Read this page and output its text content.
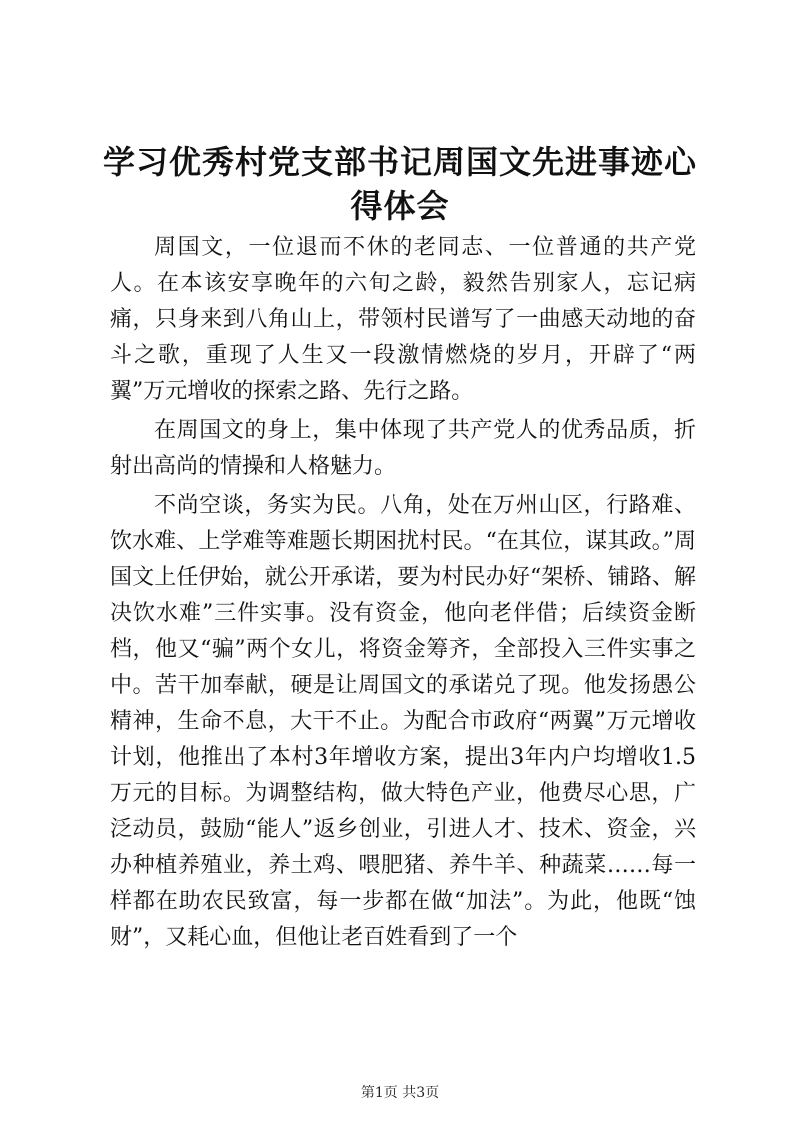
学习优秀村党支部书记周国文先进事迹心得体会

周国文，一位退而不休的老同志、一位普通的共产党人。在本该安享晚年的六旬之龄，毅然告别家人，忘记病痛，只身来到八角山上，带领村民谱写了一曲感天动地的奋斗之歌，重现了人生又一段激情燃烧的岁月，开辟了“两翼”万元增收的探索之路、先行之路。

在周国文的身上，集中体现了共产党人的优秀品质，折射出高尚的情操和人格魅力。

不尚空谈，务实为民。八角，处在万州山区，行路难、饮水难、上学难等难题长期困扰村民。“在其位，谋其政。”周国文上任伊始，就公开承诺，要为村民办好“架桥、铺路、解决饮水难”三件实事。没有资金，他向老伴借；后续资金断档，他又“骗”两个女儿，将资金筹齐，全部投入三件实事之中。苦干加奉献，硬是让周国文的承诺兑了现。他发扬愚公精神，生命不息，大干不止。为配合市政府“两翼”万元增收计划，他推出了本村3年增收方案，提出3年内户均增收1.5万元的目标。为调整结构，做大特色产业，他费尽心思，广泛动员，鼓励“能人”返乡创业，引进人才、技术、资金，兴办种植养殖业，养土鸡、喂肥猪、养牛羊、种蔬菜……每一样都在助农民致富，每一步都在做“加法”。为此，他既“蚀财”，又耗心血，但他让老百姓看到了一个

第1页 共3页
